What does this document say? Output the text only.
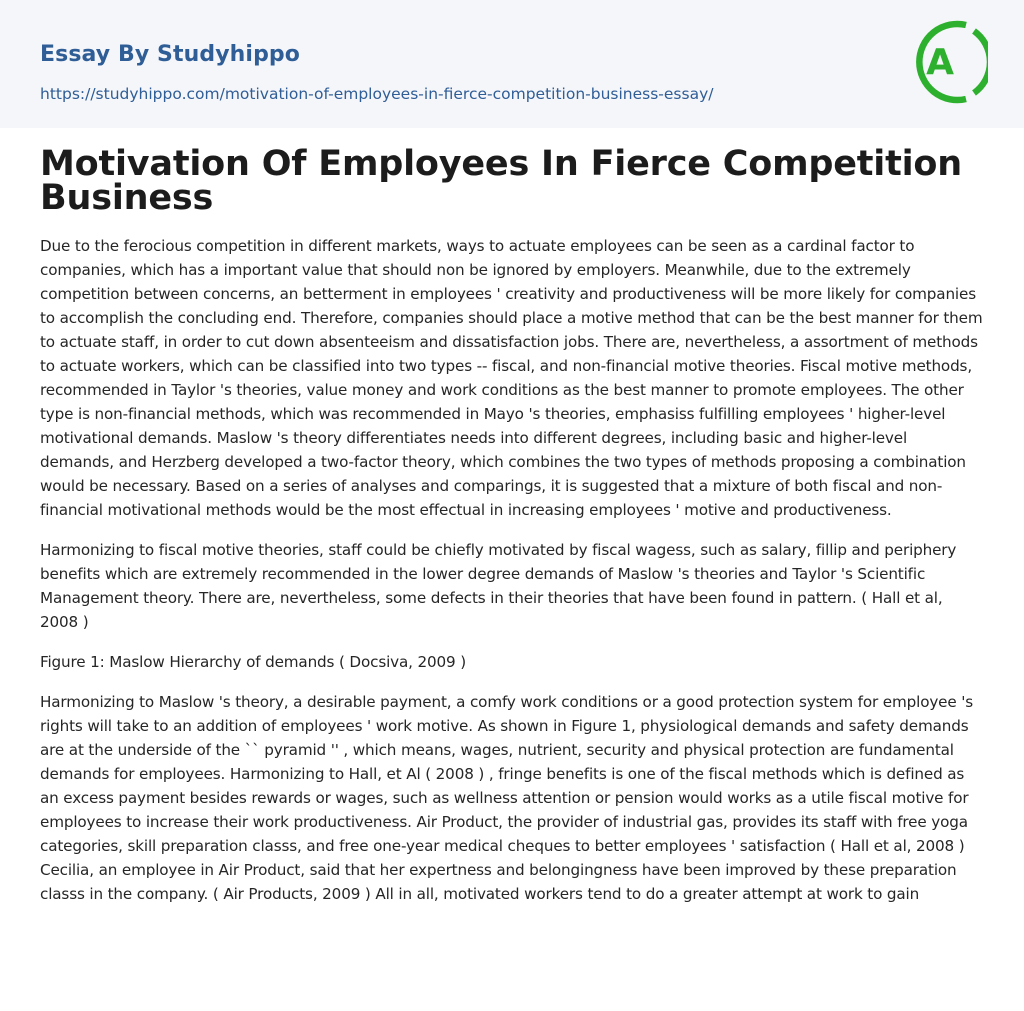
Essay By Studyhippo
https://studyhippo.com/motivation-of-employees-in-fierce-competition-business-essay/
A
Motivation Of Employees In Fierce Competition Business

Due to the ferocious competition in different markets, ways to actuate employees can be seen as a cardinal factor to companies, which has a important value that should non be ignored by employers. Meanwhile, due to the extremely competition between concerns, an betterment in employees ' creativity and productiveness will be more likely for companies to accomplish the concluding end. Therefore, companies should place a motive method that can be the best manner for them to actuate staff, in order to cut down absenteeism and dissatisfaction jobs. There are, nevertheless, a assortment of methods to actuate workers, which can be classified into two types -- fiscal, and non-financial motive theories. Fiscal motive methods, recommended in Taylor 's theories, value money and work conditions as the best manner to promote employees. The other type is non-financial methods, which was recommended in Mayo 's theories, emphasiss fulfilling employees ' higher-level motivational demands. Maslow 's theory differentiates needs into different degrees, including basic and higher-level demands, and Herzberg developed a two-factor theory, which combines the two types of methods proposing a combination would be necessary. Based on a series of analyses and comparings, it is suggested that a mixture of both fiscal and non-financial motivational methods would be the most effectual in increasing employees ' motive and productiveness.

Harmonizing to fiscal motive theories, staff could be chiefly motivated by fiscal wagess, such as salary, fillip and periphery benefits which are extremely recommended in the lower degree demands of Maslow 's theories and Taylor 's Scientific Management theory. There are, nevertheless, some defects in their theories that have been found in pattern. ( Hall et al, 2008 )

Figure 1: Maslow Hierarchy of demands ( Docsiva, 2009 )

Harmonizing to Maslow 's theory, a desirable payment, a comfy work conditions or a good protection system for employee 's rights will take to an addition of employees ' work motive. As shown in Figure 1, physiological demands and safety demands are at the underside of the `` pyramid '' , which means, wages, nutrient, security and physical protection are fundamental demands for employees. Harmonizing to Hall, et Al ( 2008 ) , fringe benefits is one of the fiscal methods which is defined as an excess payment besides rewards or wages, such as wellness attention or pension would works as a utile fiscal motive for employees to increase their work productiveness. Air Product, the provider of industrial gas, provides its staff with free yoga categories, skill preparation classs, and free one-year medical cheques to better employees ' satisfaction ( Hall et al, 2008 ) Cecilia, an employee in Air Product, said that her expertness and belongingness have been improved by these preparation classs in the company. ( Air Products, 2009 ) All in all, motivated workers tend to do a greater attempt at work to gain
